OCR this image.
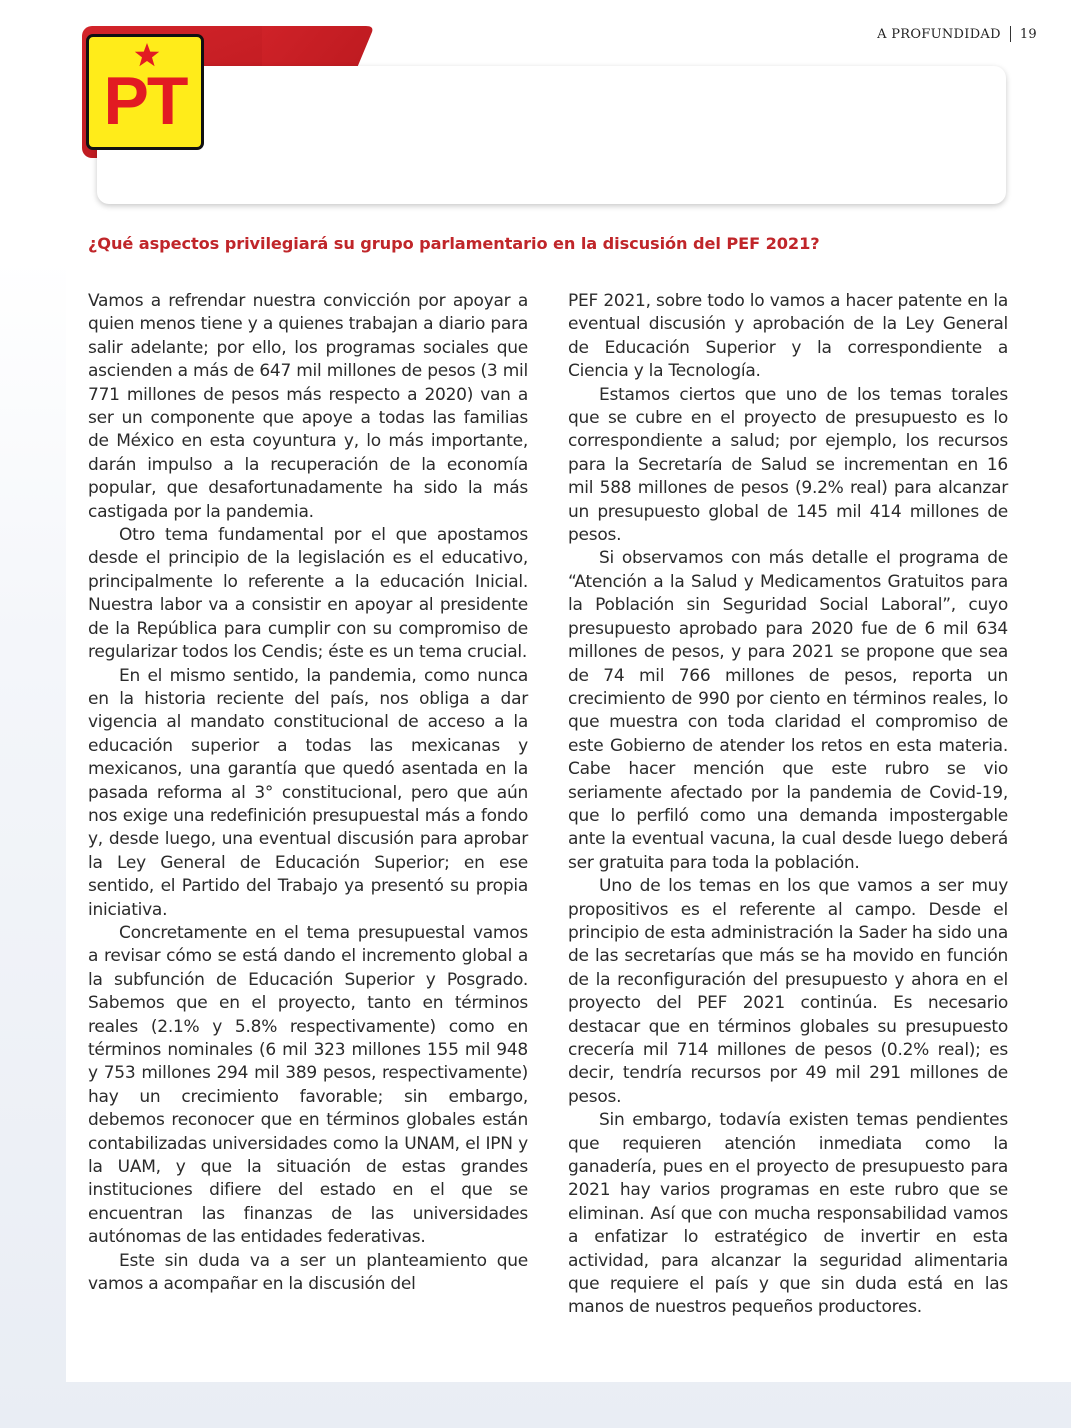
A PROFUNDIDAD 19
PT
¿Qué aspectos privilegiará su grupo parlamentario en la discusión del PEF 2021?

Vamos a refrendar nuestra convicción por apoyar a quien menos tiene y a quienes trabajan a diario para salir adelante; por ello, los programas sociales que ascienden a más de 647 mil millones de pesos (3 mil 771 millones de pesos más respecto a 2020) van a ser un componente que apoye a todas las familias de México en esta coyuntura y, lo más importante, darán impulso a la recuperación de la economía popular, que desafortunadamente ha sido la más castigada por la pandemia.

Otro tema fundamental por el que apostamos desde el principio de la legislación es el educativo, principalmente lo referente a la educación Inicial. Nuestra labor va a consistir en apoyar al presidente de la República para cumplir con su compromiso de regularizar todos los Cendis; éste es un tema crucial.

En el mismo sentido, la pandemia, como nunca en la historia reciente del país, nos obliga a dar vigencia al mandato constitucional de acceso a la educación superior a todas las mexicanas y mexicanos, una garantía que quedó asentada en la pasada reforma al 3° constitucional, pero que aún nos exige una redefinición presupuestal más a fondo y, desde luego, una eventual discusión para aprobar la Ley General de Educación Superior; en ese sentido, el Partido del Trabajo ya presentó su propia iniciativa.

Concretamente en el tema presupuestal vamos a revisar cómo se está dando el incremento global a la subfunción de Educación Superior y Posgrado. Sabemos que en el proyecto, tanto en términos reales (2.1% y 5.8% respectivamente) como en términos nominales (6 mil 323 millones 155 mil 948 y 753 millones 294 mil 389 pesos, respectivamente) hay un crecimiento favorable; sin embargo, debemos reconocer que en términos globales están contabilizadas universidades como la UNAM, el IPN y la UAM, y que la situación de estas grandes instituciones difiere del estado en el que se encuentran las finanzas de las universidades autónomas de las entidades federativas.

Este sin duda va a ser un planteamiento que vamos a acompañar en la discusión del

PEF 2021, sobre todo lo vamos a hacer patente en la eventual discusión y aprobación de la Ley General de Educación Superior y la correspondiente a Ciencia y la Tecnología.

Estamos ciertos que uno de los temas torales que se cubre en el proyecto de presupuesto es lo correspondiente a salud; por ejemplo, los recursos para la Secretaría de Salud se incrementan en 16 mil 588 millones de pesos (9.2% real) para alcanzar un presupuesto global de 145 mil 414 millones de pesos.

Si observamos con más detalle el programa de “Atención a la Salud y Medicamentos Gratuitos para la Población sin Seguridad Social Laboral”, cuyo presupuesto aprobado para 2020 fue de 6 mil 634 millones de pesos, y para 2021 se propone que sea de 74 mil 766 millones de pesos, reporta un crecimiento de 990 por ciento en términos reales, lo que muestra con toda claridad el compromiso de este Gobierno de atender los retos en esta materia. Cabe hacer mención que este rubro se vio seriamente afectado por la pandemia de Covid-19, que lo perfiló como una demanda impostergable ante la eventual vacuna, la cual desde luego deberá ser gratuita para toda la población.

Uno de los temas en los que vamos a ser muy propositivos es el referente al campo. Desde el principio de esta administración la Sader ha sido una de las secretarías que más se ha movido en función de la reconfiguración del presupuesto y ahora en el proyecto del PEF 2021 continúa. Es necesario destacar que en términos globales su presupuesto crecería mil 714 millones de pesos (0.2% real); es decir, tendría recursos por 49 mil 291 millones de pesos.

Sin embargo, todavía existen temas pendientes que requieren atención inmediata como la ganadería, pues en el proyecto de presupuesto para 2021 hay varios programas en este rubro que se eliminan. Así que con mucha responsabilidad vamos a enfatizar lo estratégico de invertir en esta actividad, para alcanzar la seguridad alimentaria que requiere el país y que sin duda está en las manos de nuestros pequeños productores.
